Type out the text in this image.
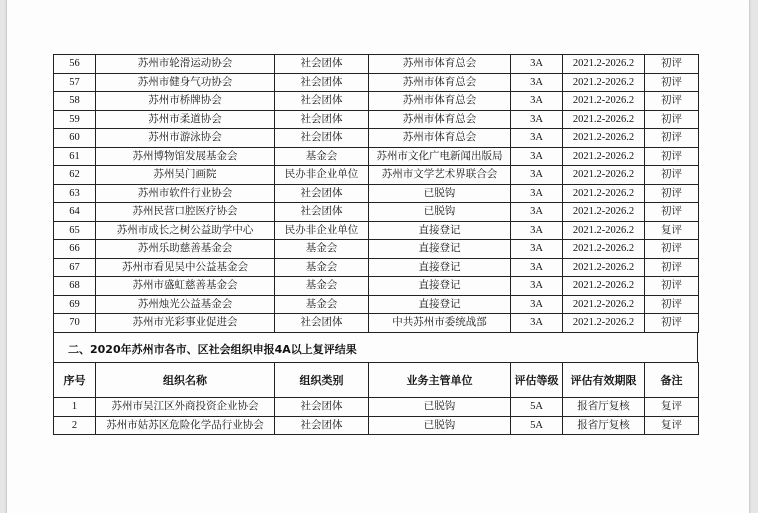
56	苏州市轮滑运动协会	社会团体	苏州市体育总会	3A	2021.2-2026.2	初评
57	苏州市健身气功协会	社会团体	苏州市体育总会	3A	2021.2-2026.2	初评
58	苏州市桥牌协会	社会团体	苏州市体育总会	3A	2021.2-2026.2	初评
59	苏州市柔道协会	社会团体	苏州市体育总会	3A	2021.2-2026.2	初评
60	苏州市游泳协会	社会团体	苏州市体育总会	3A	2021.2-2026.2	初评
61	苏州博物馆发展基金会	基金会	苏州市文化广电新闻出版局	3A	2021.2-2026.2	初评
62	苏州吴门画院	民办非企业单位	苏州市文学艺术界联合会	3A	2021.2-2026.2	初评
63	苏州市软件行业协会	社会团体	已脱钩	3A	2021.2-2026.2	初评
64	苏州民营口腔医疗协会	社会团体	已脱钩	3A	2021.2-2026.2	初评
65	苏州市成长之树公益助学中心	民办非企业单位	直接登记	3A	2021.2-2026.2	复评
66	苏州乐助慈善基金会	基金会	直接登记	3A	2021.2-2026.2	初评
67	苏州市看见吴中公益基金会	基金会	直接登记	3A	2021.2-2026.2	初评
68	苏州市盛虹慈善基金会	基金会	直接登记	3A	2021.2-2026.2	初评
69	苏州烛光公益基金会	基金会	直接登记	3A	2021.2-2026.2	初评
70	苏州市光彩事业促进会	社会团体	中共苏州市委统战部	3A	2021.2-2026.2	初评
二、2020年苏州市各市、区社会组织申报4A以上复评结果
序号	组织名称	组织类别	业务主管单位	评估等级	评估有效期限	备注
1	苏州市吴江区外商投资企业协会	社会团体	已脱钩	5A	报省厅复核	复评
2	苏州市姑苏区危险化学品行业协会	社会团体	已脱钩	5A	报省厅复核	复评
